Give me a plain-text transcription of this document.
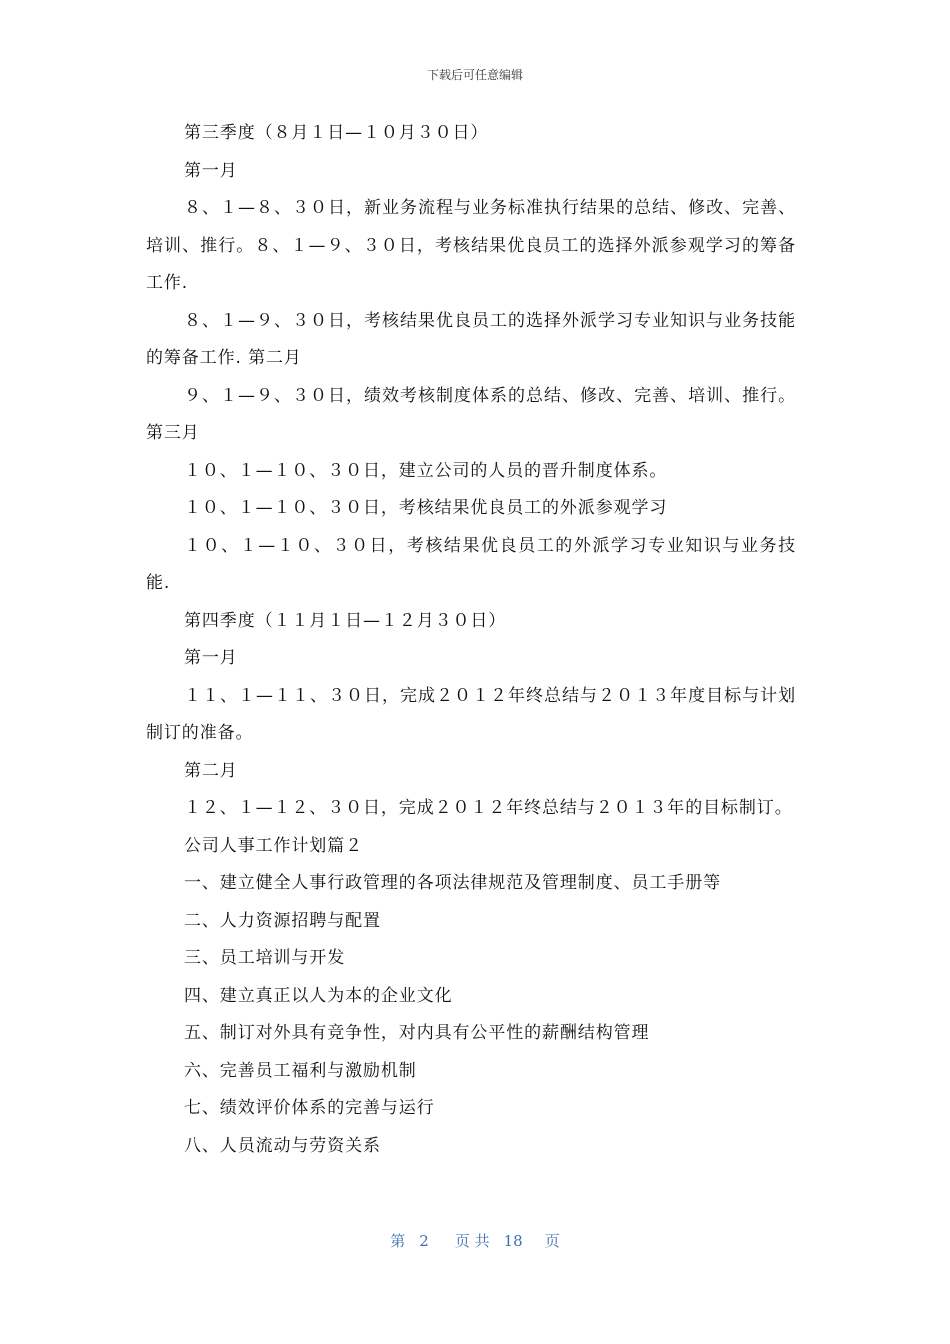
下载后可任意编辑

第三季度（８月１日—１０月３０日）

第一月

８、１—８、３０日，新业务流程与业务标准执行结果的总结、修改、完善、培训、推行。８、１—９、３０日，考核结果优良员工的选择外派参观学习的筹备工作.

８、１—９、３０日，考核结果优良员工的选择外派学习专业知识与业务技能的筹备工作. 第二月

９、１—９、３０日，绩效考核制度体系的总结、修改、完善、培训、推行。第三月

１０、１—１０、３０日，建立公司的人员的晋升制度体系。

１０、１—１０、３０日，考核结果优良员工的外派参观学习

１０、１—１０、３０日，考核结果优良员工的外派学习专业知识与业务技能.

第四季度（１１月１日—１２月３０日）

第一月

１１、１—１１、３０日，完成２０１２年终总结与２０１３年度目标与计划制订的准备。

第二月

１２、１—１２、３０日，完成２０１２年终总结与２０１３年的目标制订。

公司人事工作计划篇２

一、建立健全人事行政管理的各项法律规范及管理制度、员工手册等

二、人力资源招聘与配置

三、员工培训与开发

四、建立真正以人为本的企业文化

五、制订对外具有竞争性，对内具有公平性的薪酬结构管理

六、完善员工福利与激励机制

七、绩效评价体系的完善与运行

八、人员流动与劳资关系

第 2 页 共 18 页
